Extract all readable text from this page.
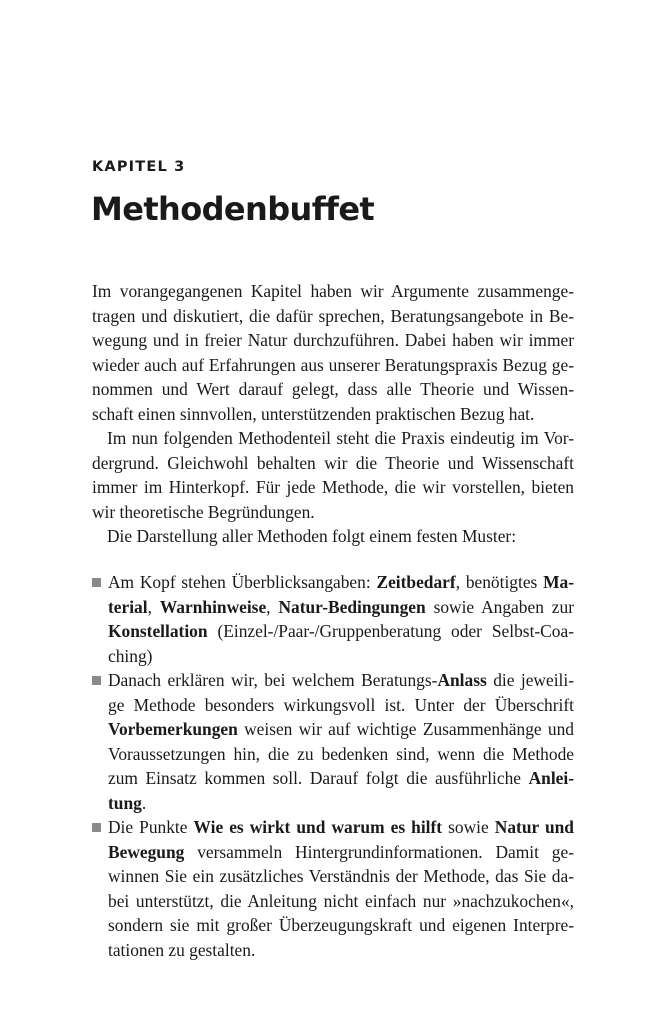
KAPITEL 3
Methodenbuffet
Im vorangegangenen Kapitel haben wir Argumente zusammenge-
tragen und diskutiert, die dafür sprechen, Beratungsangebote in Be-
wegung und in freier Natur durchzuführen. Dabei haben wir immer
wieder auch auf Erfahrungen aus unserer Beratungspraxis Bezug ge-
nommen und Wert darauf gelegt, dass alle Theorie und Wissen-
schaft einen sinnvollen, unterstützenden praktischen Bezug hat.
Im nun folgenden Methodenteil steht die Praxis eindeutig im Vor-
dergrund. Gleichwohl behalten wir die Theorie und Wissenschaft
immer im Hinterkopf. Für jede Methode, die wir vorstellen, bieten
wir theoretische Begründungen.
Die Darstellung aller Methoden folgt einem festen Muster:
Am Kopf stehen Überblicksangaben: Zeitbedarf, benötigtes Ma-
terial, Warnhinweise, Natur-Bedingungen sowie Angaben zur
Konstellation (Einzel-/Paar-/Gruppenberatung oder Selbst-Coa-
ching)
Danach erklären wir, bei welchem Beratungs-Anlass die jeweili-
ge Methode besonders wirkungsvoll ist. Unter der Überschrift
Vorbemerkungen weisen wir auf wichtige Zusammenhänge und
Voraussetzungen hin, die zu bedenken sind, wenn die Methode
zum Einsatz kommen soll. Darauf folgt die ausführliche Anlei-
tung.
Die Punkte Wie es wirkt und warum es hilft sowie Natur und
Bewegung versammeln Hintergrundinformationen. Damit ge-
winnen Sie ein zusätzliches Verständnis der Methode, das Sie da-
bei unterstützt, die Anleitung nicht einfach nur »nachzukochen«,
sondern sie mit großer Überzeugungskraft und eigenen Interpre-
tationen zu gestalten.
